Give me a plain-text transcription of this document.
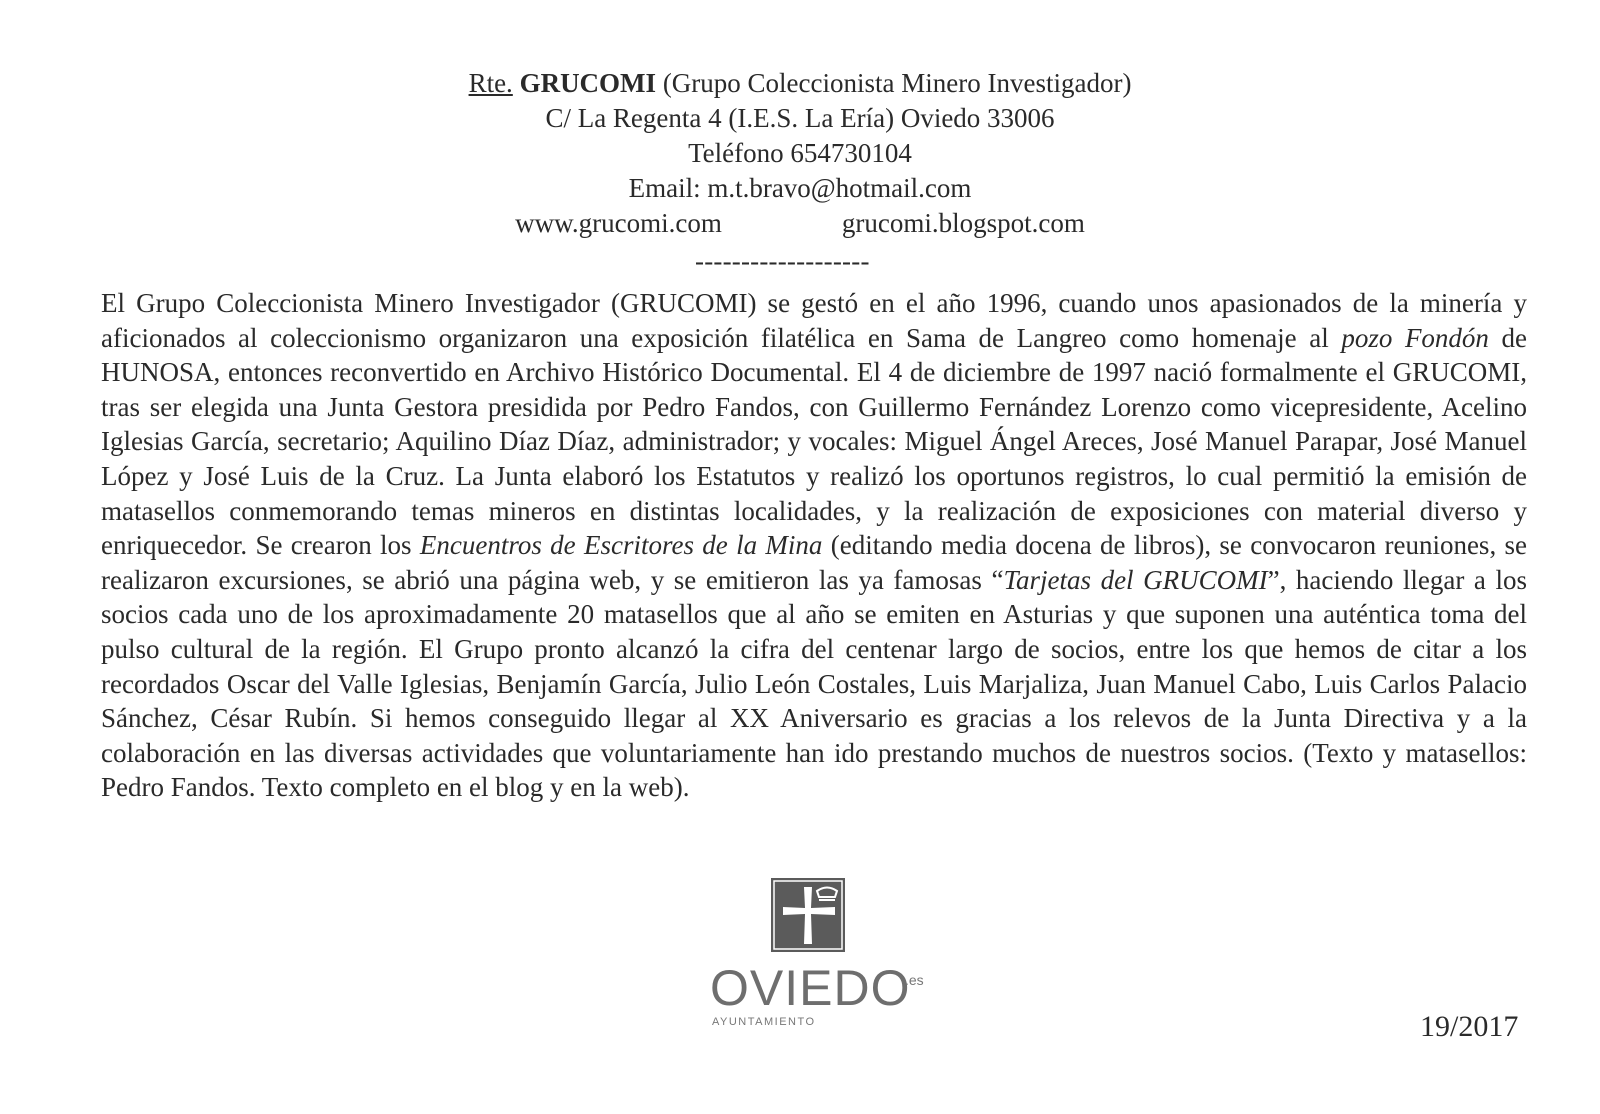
Rte. GRUCOMI (Grupo Coleccionista Minero Investigador)
C/ La Regenta 4 (I.E.S. La Ería) Oviedo 33006
Teléfono 654730104
Email: m.t.bravo@hotmail.com
www.grucomi.com	grucomi.blogspot.com
-------------------

El Grupo Coleccionista Minero Investigador (GRUCOMI) se gestó en el año 1996, cuando unos apasionados de la minería y aficionados al coleccionismo organizaron una exposición filatélica en Sama de Langreo como homenaje al pozo Fondón de HUNOSA, entonces reconvertido en Archivo Histórico Documental. El 4 de diciembre de 1997 nació formalmente el GRUCOMI, tras ser elegida una Junta Gestora presidida por Pedro Fandos, con Guillermo Fernández Lorenzo como vicepresidente, Acelino Iglesias García, secretario; Aquilino Díaz Díaz, administrador; y vocales: Miguel Ángel Areces, José Manuel Parapar, José Manuel López y José Luis de la Cruz. La Junta elaboró los Estatutos y realizó los oportunos registros, lo cual permitió la emisión de matasellos conmemorando temas mineros en distintas localidades, y la realización de exposiciones con material diverso y enriquecedor. Se crearon los Encuentros de Escritores de la Mina (editando media docena de libros), se convocaron reuniones, se realizaron excursiones, se abrió una página web, y se emitieron las ya famosas “Tarjetas del GRUCOMI”, haciendo llegar a los socios cada uno de los aproximadamente 20 matasellos que al año se emiten en Asturias y que suponen una auténtica toma del pulso cultural de la región. El Grupo pronto alcanzó la cifra del centenar largo de socios, entre los que hemos de citar a los recordados Oscar del Valle Iglesias, Benjamín García, Julio León Costales, Luis Marjaliza, Juan Manuel Cabo, Luis Carlos Palacio Sánchez, César Rubín. Si hemos conseguido llegar al XX Aniversario es gracias a los relevos de la Junta Directiva y a la colaboración en las diversas actividades que voluntariamente han ido prestando muchos de nuestros socios. (Texto y matasellos: Pedro Fandos. Texto completo en el blog y en la web).

OVIEDO
.es
AYUNTAMIENTO	19/2017
